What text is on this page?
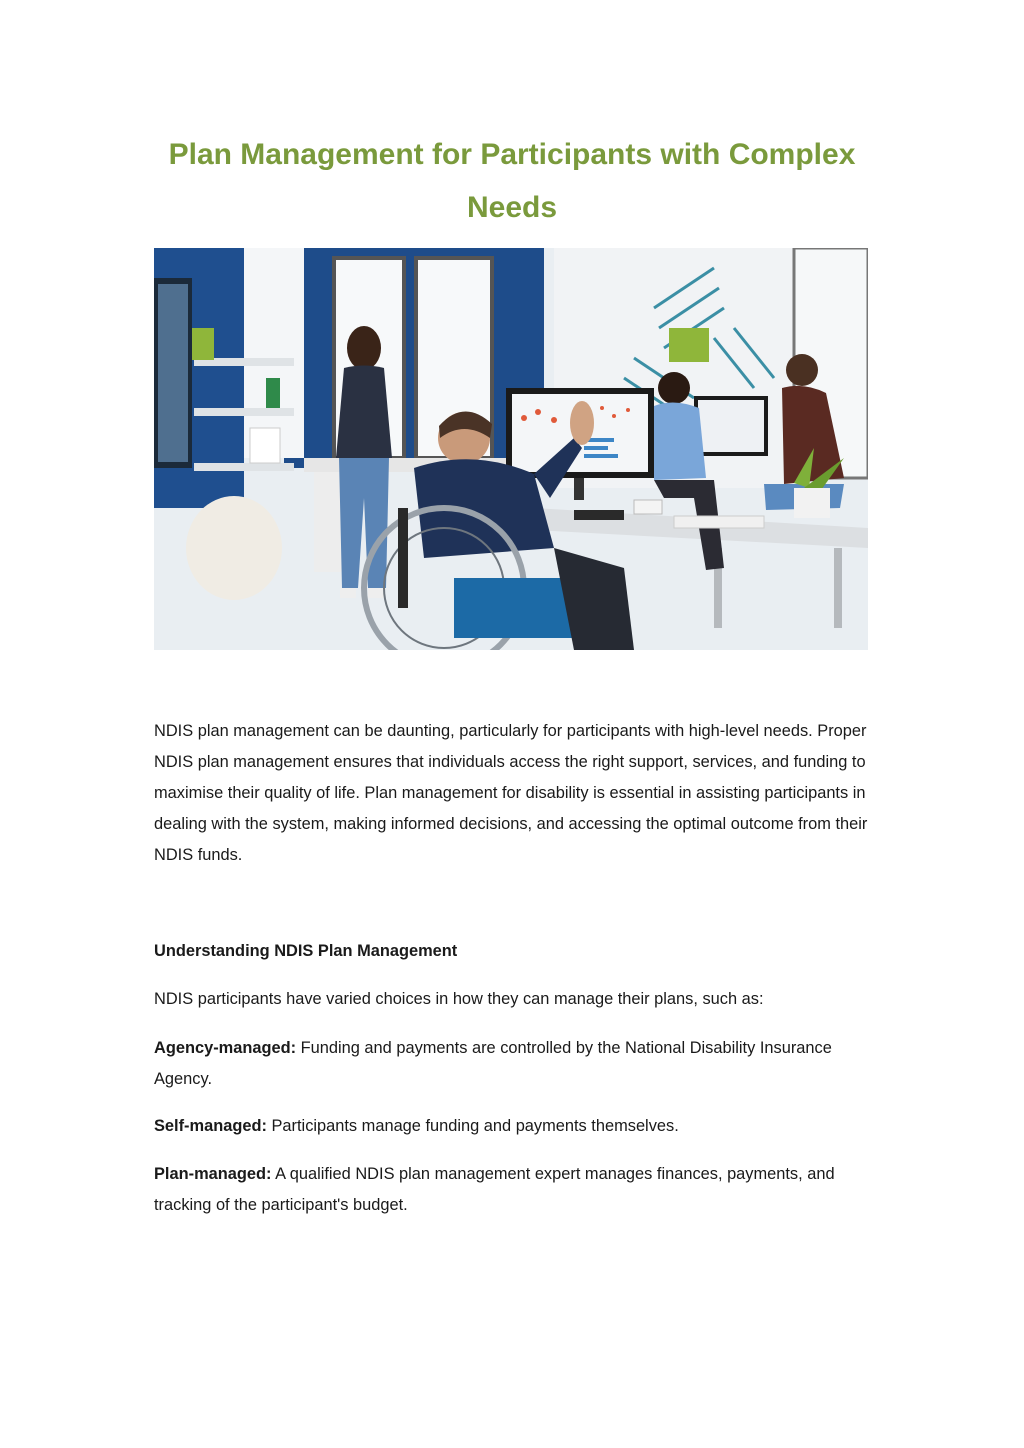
Plan Management for Participants with Complex Needs

NDIS plan management can be daunting, particularly for participants with high-level needs. Proper NDIS plan management ensures that individuals access the right support, services, and funding to maximise their quality of life. Plan management for disability is essential in assisting participants in dealing with the system, making informed decisions, and accessing the optimal outcome from their NDIS funds.

Understanding NDIS Plan Management

NDIS participants have varied choices in how they can manage their plans, such as:

Agency-managed: Funding and payments are controlled by the National Disability Insurance Agency.

Self-managed: Participants manage funding and payments themselves.

Plan-managed: A qualified NDIS plan management expert manages finances, payments, and tracking of the participant's budget.
